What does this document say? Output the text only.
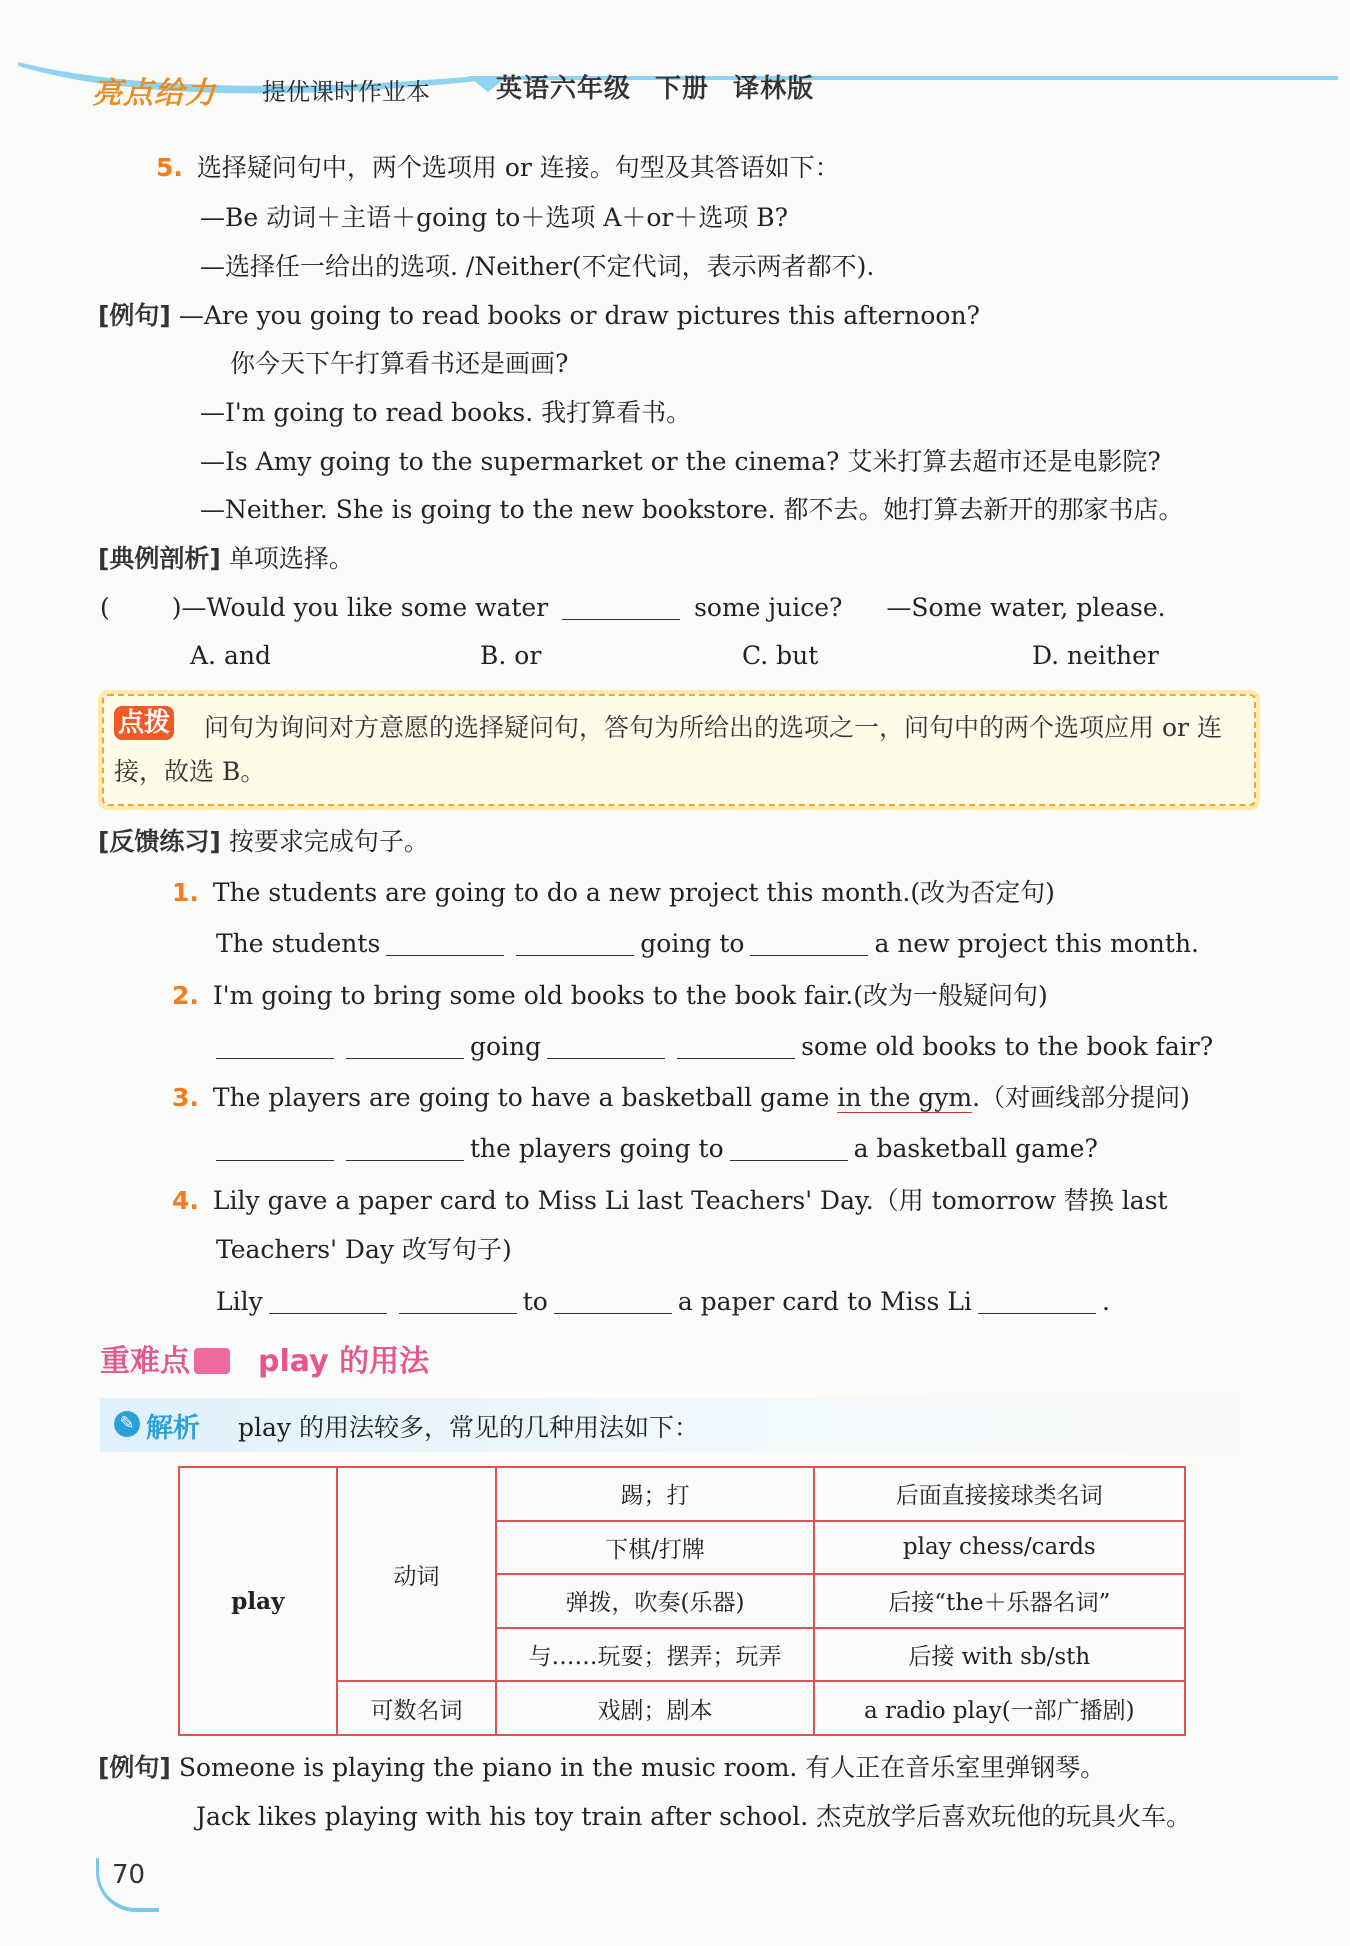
亮点给力 提优课时作业本	英语六年级 下册 译林版
5. 选择疑问句中，两个选项用 or 连接。句型及其答语如下：
—Be 动词＋主语＋going to＋选项 A＋or＋选项 B?
—选择任一给出的选项. /Neither(不定代词，表示两者都不).
[例句] —Are you going to read books or draw pictures this afternoon?
你今天下午打算看书还是画画?
—I'm going to read books. 我打算看书。
—Is Amy going to the supermarket or the cinema? 艾米打算去超市还是电影院?
—Neither. She is going to the new bookstore. 都不去。她打算去新开的那家书店。
[典例剖析] 单项选择。
( )—Would you like some water	some juice? —Some water, please.
A. and	B. or	C. but	D. neither
问句为询问对方意愿的选择疑问句，答句为所给出的选项之一，问句中的两个选项应用 or 连接，故选 B。
点拨
[反馈练习] 按要求完成句子。
1. The students are going to do a new project this month.(改为否定句)
The students	going to	a new project this month.
2. I'm going to bring some old books to the book fair.(改为一般疑问句)
going	some old books to the book fair?
3. The players are going to have a basketball game in the gym.（对画线部分提问)
the players going to	a basketball game?
4. Lily gave a paper card to Miss Li last Teachers' Day.（用 tomorrow 替换 last
Teachers' Day 改写句子)
Lily	to	a paper card to Miss Li	.
重难点 play 的用法
✎ 解析 play 的用法较多，常见的几种用法如下：
play	动词	踢；打	后面直接接球类名词
		下棋/打牌	play chess/cards
		弹拨，吹奏(乐器)	后接“the＋乐器名词”
		与……玩耍；摆弄；玩弄	后接 with sb/sth
	可数名词	戏剧；剧本	a radio play(一部广播剧)
[例句] Someone is playing the piano in the music room. 有人正在音乐室里弹钢琴。
Jack likes playing with his toy train after school. 杰克放学后喜欢玩他的玩具火车。
70
